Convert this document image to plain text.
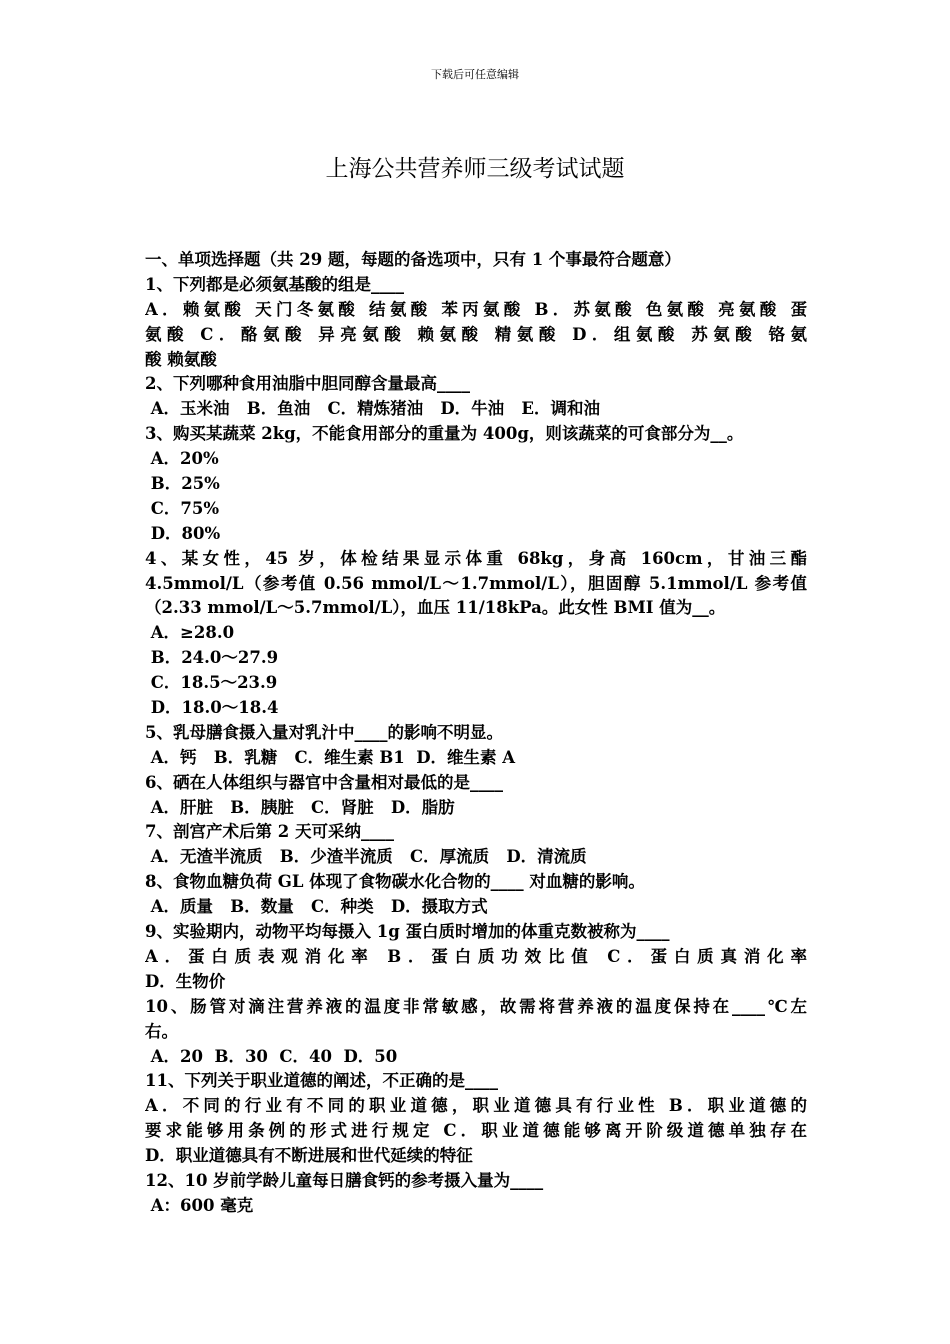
下载后可任意编辑
上海公共营养师三级考试试题
一、单项选择题（共 29 题，每题的备选项中，只有 1 个事最符合题意）
1、下列都是必须氨基酸的组是____
A．赖氨酸 天门冬氨酸 结氨酸 苯丙氨酸 B．苏氨酸 色氨酸 亮氨酸 蛋
氨酸 C．酪氨酸 异亮氨酸 赖氨酸 精氨酸 D．组氨酸 苏氨酸 铬氨
酸 赖氨酸
2、下列哪种食用油脂中胆同醇含量最高____
A．玉米油   B．鱼油   C．精炼猪油   D．牛油   E．调和油
3、购买某蔬菜 2kg，不能食用部分的重量为 400g，则该蔬菜的可食部分为__。
A．20%
B．25%
C．75%
D．80%
4、某女性，45 岁，体检结果显示体重 68kg，身高 160cm，甘油三酯
4.5mmol/L（参考值 0.56 mmol/L～1.7mmol/L），胆固醇 5.1mmol/L 参考值
（2.33 mmol/L～5.7mmol/L），血压 11/18kPa。此女性 BMI 值为__。
A．≥28.0
B．24.0～27.9
C．18.5～23.9
D．18.0～18.4
5、乳母膳食摄入量对乳汁中____的影响不明显。
A．钙   B．乳糖   C．维生素 B1  D．维生素 A
6、硒在人体组织与器官中含量相对最低的是____
A．肝脏   B．胰脏   C．肾脏   D．脂肪
7、剖宫产术后第 2 天可采纳____
A．无渣半流质   B．少渣半流质   C．厚流质   D．清流质
8、食物血糖负荷 GL 体现了食物碳水化合物的____ 对血糖的影响。
A．质量   B．数量   C．种类   D．摄取方式
9、实验期内，动物平均每摄入 1g 蛋白质时增加的体重克数被称为____
A．蛋白质表观消化率 B．蛋白质功效比值 C．蛋白质真消化率
D．生物价
10、肠管对滴注营养液的温度非常敏感，故需将营养液的温度保持在____℃左
右。
A．20  B．30  C．40  D．50
11、下列关于职业道德的阐述，不正确的是____
A．不同的行业有不同的职业道德，职业道德具有行业性 B．职业道德的
要求能够用条例的形式进行规定 C．职业道德能够离开阶级道德单独存在
D．职业道德具有不断进展和世代延续的特征
12、10 岁前学龄儿童每日膳食钙的参考摄入量为____
A：600 毫克
